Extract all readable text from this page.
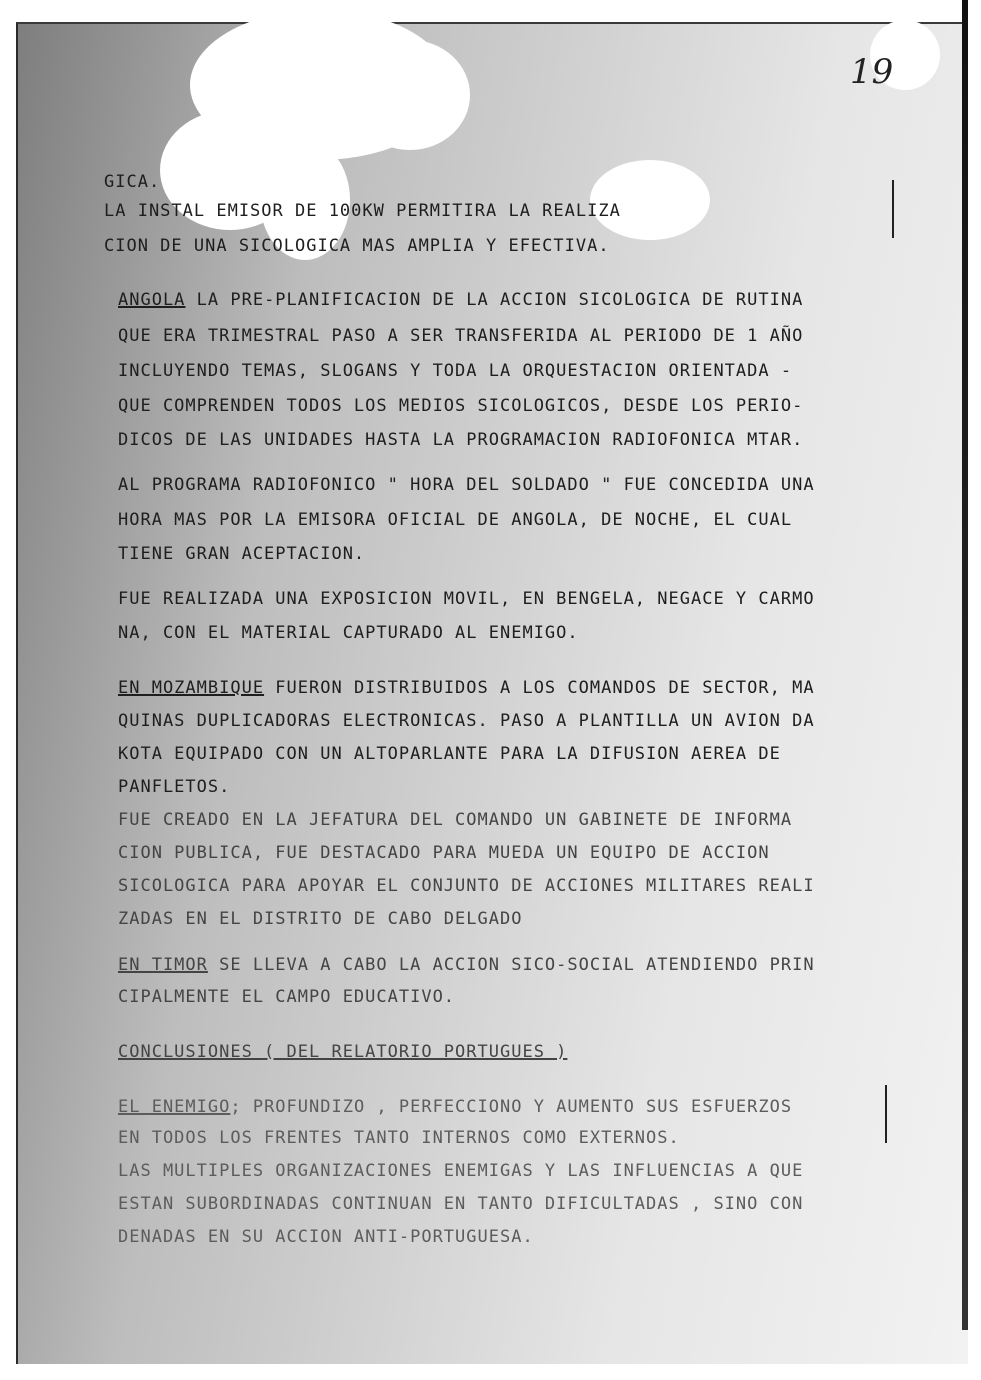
19
GICA.
LA INSTAL EMISOR DE 100KW PERMITIRA LA REALIZA
CION DE UNA SICOLOGICA MAS AMPLIA Y EFECTIVA.
ANGOLA LA PRE-PLANIFICACION DE LA ACCION SICOLOGICA DE RUTINA
QUE ERA TRIMESTRAL PASO A SER TRANSFERIDA AL PERIODO DE 1 AÑO
INCLUYENDO TEMAS, SLOGANS Y TODA LA ORQUESTACION ORIENTADA -
QUE COMPRENDEN TODOS LOS MEDIOS SICOLOGICOS, DESDE LOS PERIO-
DICOS DE LAS UNIDADES HASTA LA PROGRAMACION RADIOFONICA MTAR.
AL PROGRAMA RADIOFONICO " HORA DEL SOLDADO " FUE CONCEDIDA UNA
HORA MAS POR LA EMISORA OFICIAL DE ANGOLA, DE NOCHE, EL CUAL
TIENE GRAN ACEPTACION.
FUE REALIZADA UNA EXPOSICION MOVIL, EN BENGELA, NEGACE Y CARMO
NA, CON EL MATERIAL CAPTURADO AL ENEMIGO.
EN MOZAMBIQUE FUERON DISTRIBUIDOS A LOS COMANDOS DE SECTOR, MA
QUINAS DUPLICADORAS ELECTRONICAS. PASO A PLANTILLA UN AVION DA
KOTA EQUIPADO CON UN ALTOPARLANTE PARA LA DIFUSION AEREA DE
PANFLETOS.
FUE CREADO EN LA JEFATURA DEL COMANDO UN GABINETE DE INFORMA
CION PUBLICA, FUE DESTACADO PARA MUEDA UN EQUIPO DE ACCION
SICOLOGICA PARA APOYAR EL CONJUNTO DE ACCIONES MILITARES REALI
ZADAS EN EL DISTRITO DE CABO DELGADO
EN TIMOR SE LLEVA A CABO LA ACCION SICO-SOCIAL ATENDIENDO PRIN
CIPALMENTE EL CAMPO EDUCATIVO.
CONCLUSIONES ( DEL RELATORIO PORTUGUES )
EL ENEMIGO; PROFUNDIZO , PERFECCIONO Y AUMENTO SUS ESFUERZOS
EN TODOS LOS FRENTES TANTO INTERNOS COMO EXTERNOS.
LAS MULTIPLES ORGANIZACIONES ENEMIGAS Y LAS INFLUENCIAS A QUE
ESTAN SUBORDINADAS CONTINUAN EN TANTO DIFICULTADAS , SINO CON
DENADAS EN SU ACCION ANTI-PORTUGUESA.
